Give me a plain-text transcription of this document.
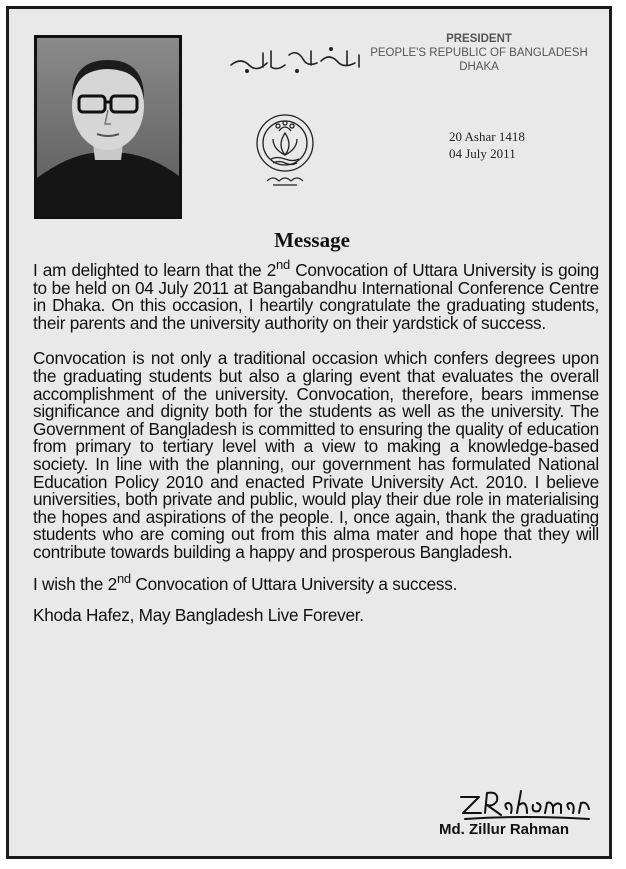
PRESIDENT
PEOPLE'S REPUBLIC OF BANGLADESH
DHAKA
20 Ashar 1418
04 July 2011
Message

I am delighted to learn that the 2nd Convocation of Uttara University is going to be held on 04 July 2011 at Bangabandhu International Conference Centre in Dhaka. On this occasion, I heartily congratulate the graduating students, their parents and the university authority on their yardstick of success.

Convocation is not only a traditional occasion which confers degrees upon the graduating students but also a glaring event that evaluates the overall accomplishment of the university. Convocation, therefore, bears immense significance and dignity both for the students as well as the university. The Government of Bangladesh is committed to ensuring the quality of education from primary to tertiary level with a view to making a knowledge-based society. In line with the planning, our government has formulated National Education Policy 2010 and enacted Private University Act. 2010. I believe universities, both private and public, would play their due role in materialising the hopes and aspirations of the people. I, once again, thank the graduating students who are coming out from this alma mater and hope that they will contribute towards building a happy and prosperous Bangladesh.

I wish the 2nd Convocation of Uttara University a success.

Khoda Hafez, May Bangladesh Live Forever.

Md. Zillur Rahman
